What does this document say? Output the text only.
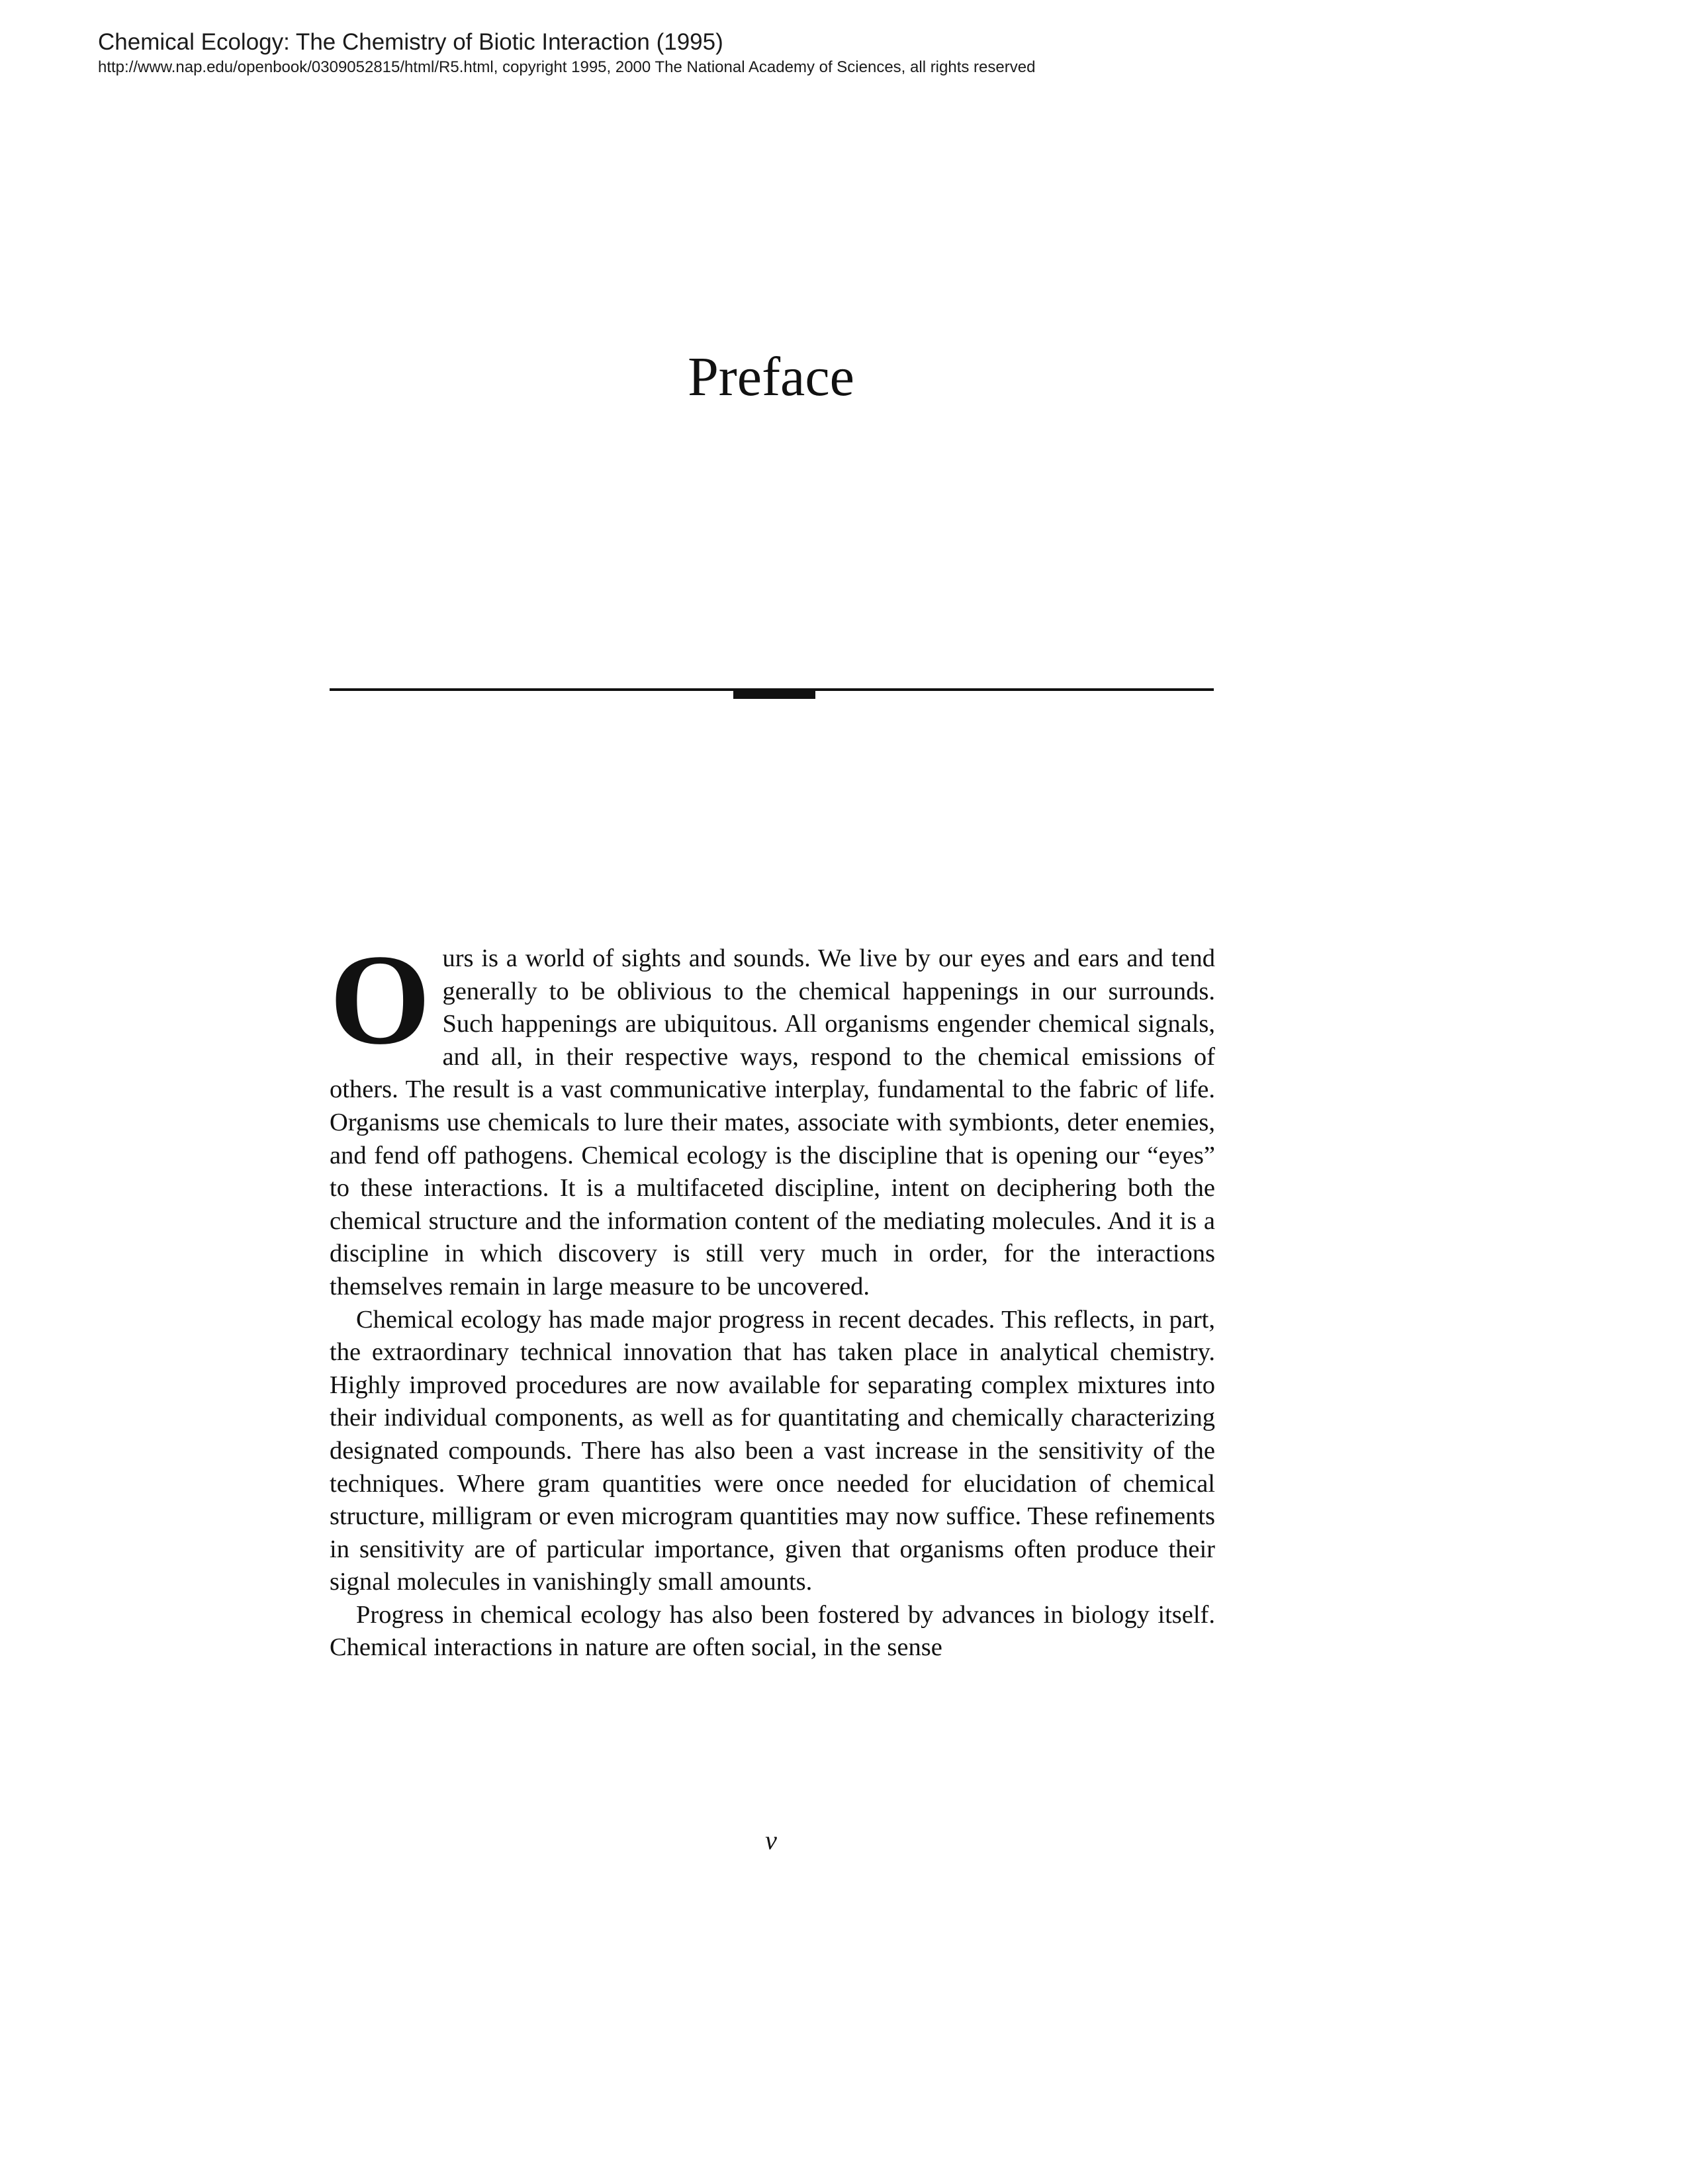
Chemical Ecology: The Chemistry of Biotic Interaction (1995)
http://www.nap.edu/openbook/0309052815/html/R5.html, copyright 1995, 2000 The National Academy of Sciences, all rights reserved
Preface

Ours is a world of sights and sounds. We live by our eyes and ears and tend generally to be oblivious to the chemical happenings in our surrounds. Such happenings are ubiquitous. All organisms engender chemical signals, and all, in their respective ways, respond to the chemical emissions of others. The result is a vast communicative interplay, fundamental to the fabric of life. Organisms use chemicals to lure their mates, associate with symbionts, deter enemies, and fend off pathogens. Chemical ecology is the discipline that is opening our “eyes” to these interactions. It is a multifaceted discipline, intent on deciphering both the chemical structure and the information content of the mediating molecules. And it is a discipline in which discovery is still very much in order, for the interactions themselves remain in large measure to be uncovered.

Chemical ecology has made major progress in recent decades. This reflects, in part, the extraordinary technical innovation that has taken place in analytical chemistry. Highly improved procedures are now available for separating complex mixtures into their individual components, as well as for quantitating and chemically characterizing designated compounds. There has also been a vast increase in the sensitivity of the techniques. Where gram quantities were once needed for elucidation of chemical structure, milligram or even microgram quantities may now suffice. These refinements in sensitivity are of particular importance, given that organisms often produce their signal molecules in vanishingly small amounts.

Progress in chemical ecology has also been fostered by advances in biology itself. Chemical interactions in nature are often social, in the sense

v
